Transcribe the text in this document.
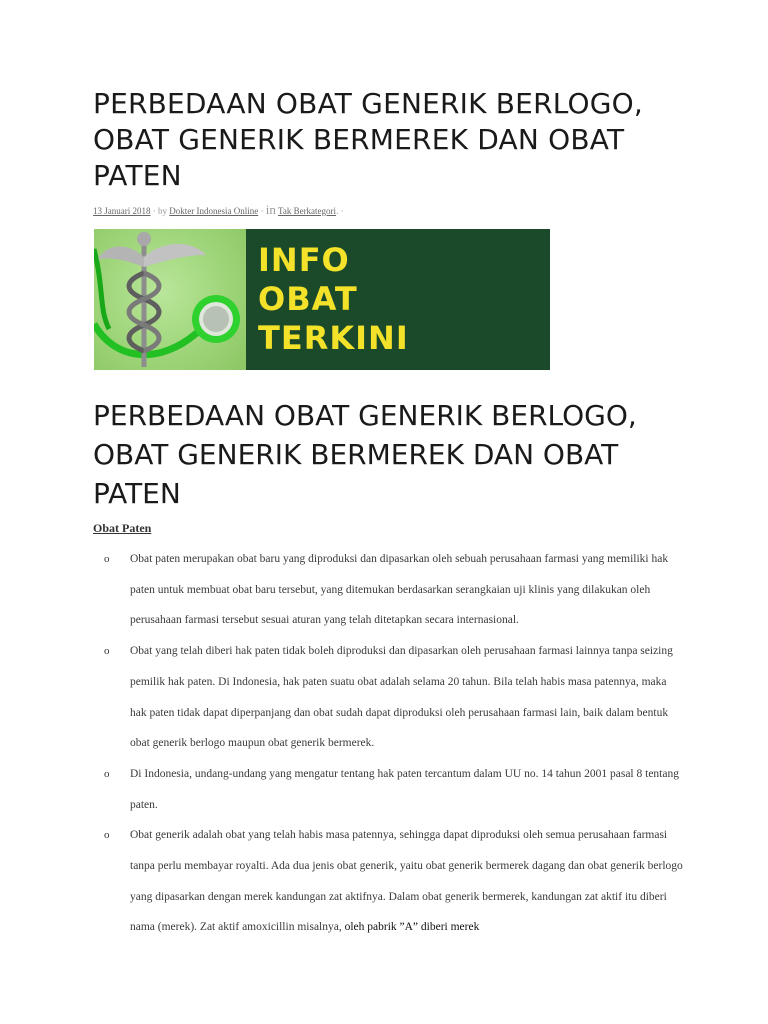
PERBEDAAN OBAT GENERIK BERLOGO, OBAT GENERIK BERMEREK DAN OBAT PATEN
13 Januari 2018 · by Dokter Indonesia Online · in Tak Berkategori. ·
INFO
OBAT
TERKINI
PERBEDAAN OBAT GENERIK BERLOGO, OBAT GENERIK BERMEREK DAN OBAT PATEN
Obat Paten
o Obat paten merupakan obat baru yang diproduksi dan dipasarkan oleh sebuah perusahaan farmasi yang memiliki hak paten untuk membuat obat baru tersebut, yang ditemukan berdasarkan serangkaian uji klinis yang dilakukan oleh perusahaan farmasi tersebut sesuai aturan yang telah ditetapkan secara internasional.
o Obat yang telah diberi hak paten tidak boleh diproduksi dan dipasarkan oleh perusahaan farmasi lainnya tanpa seizing pemilik hak paten. Di Indonesia, hak paten suatu obat adalah selama 20 tahun. Bila telah habis masa patennya, maka hak paten tidak dapat diperpanjang dan obat sudah dapat diproduksi oleh perusahaan farmasi lain, baik dalam bentuk obat generik berlogo maupun obat generik bermerek.
o Di Indonesia, undang-undang yang mengatur tentang hak paten tercantum dalam UU no. 14 tahun 2001 pasal 8 tentang paten.
o Obat generik adalah obat yang telah habis masa patennya, sehingga dapat diproduksi oleh semua perusahaan farmasi tanpa perlu membayar royalti. Ada dua jenis obat generik, yaitu obat generik bermerek dagang dan obat generik berlogo yang dipasarkan dengan merek kandungan zat aktifnya. Dalam obat generik bermerek, kandungan zat aktif itu diberi nama (merek). Zat aktif amoxicillin misalnya, oleh pabrik ”A” diberi merek
